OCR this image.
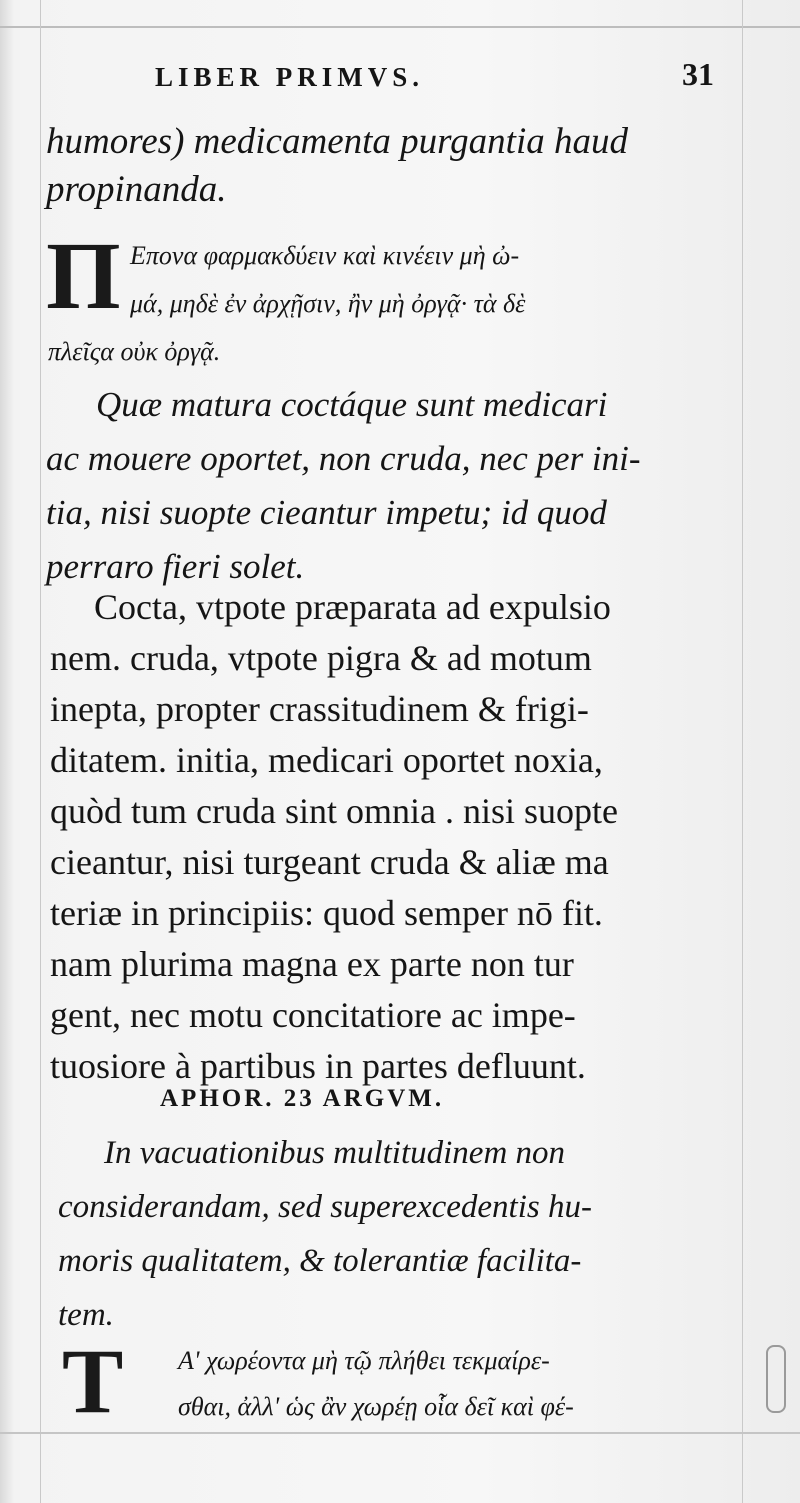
LIBER PRIMVS.	31
humores) medicamenta purgantia haud
propinanda.
Π Επονα φαρμακδύειν καὶ κινέειν μὴ ὠ-
μά, μηδὲ ἐν ἀρχῇσιν, ἢν μὴ ὀργᾷ· τὰ δὲ
πλεῖςα οὐκ ὀργᾷ.
Quæ matura coctáque sunt medicari
ac mouere oportet, non cruda, nec per ini-
tia, nisi suopte cieantur impetu; id quod
perraro fieri solet.
Cocta, vtpote præparata ad expulsio
nem. cruda, vtpote pigra & ad motum
inepta, propter crassitudinem & frigi-
ditatem. initia, medicari oportet noxia,
quòd tum cruda sint omnia . nisi suopte
cieantur, nisi turgeant cruda & aliæ ma
teriæ in principiis: quod semper nō fit.
nam plurima magna ex parte non tur
gent, nec motu concitatiore ac impe-
tuosiore à partibus in partes defluunt.
APHOR. 23 ARGVM.
In vacuationibus multitudinem non
considerandam, sed superexcedentis hu-
moris qualitatem, & tolerantiæ facilita-
tem.
T Α' χωρέοντα μὴ τῷ πλήθει τεκμαίρε-
σθαι, ἀλλ' ὡς ἂν χωρέῃ οἷα δεῖ καὶ φέ-
